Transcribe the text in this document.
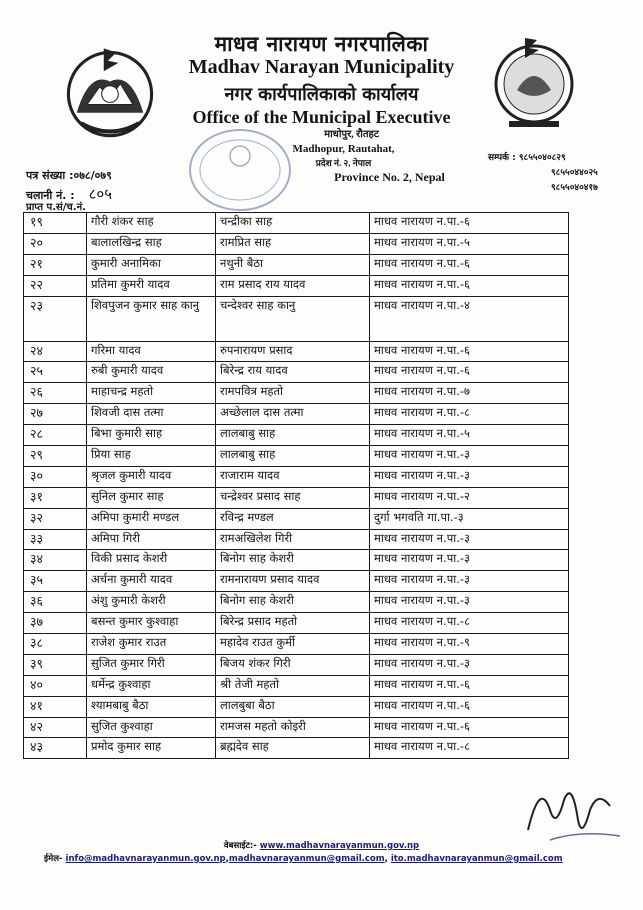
माधव नारायण नगरपालिका
Madhav Narayan Municipality
नगर कार्यपालिकाको कार्यालय
Office of the Municipal Executive
माधोपुर, रौतहट
Madhopur, Rautahat,
प्रदेश नं. २, नेपाल
Province No. 2, Nepal
पत्र संख्या :०७८/०७९
चलानी नं. : ८०५
प्राप्त प.सं/च.नं.
सम्पर्क : ९८५५०४०८२९
९८५५०४४०२५
९८५५०४०४१७
१९	गौरी शंकर साह	चन्द्रीका साह	माधव नारायण न.पा.-६
२०	बालालखिन्द्र साह	रामप्रित साह	माधव नारायण न.पा.-५
२१	कुमारी अनामिका	नथुनी बैठा	माधव नारायण न.पा.-६
२२	प्रतिमा कुमरी यादव	राम प्रसाद राय यादव	माधव नारायण न.पा.-६
२३	शिवपुजन कुमार साह कानु	चन्देश्वर साह कानु	माधव नारायण न.पा.-४
२४	गरिमा यादव	रुपनारायण प्रसाद	माधव नारायण न.पा.-६
२५	रुबी कुमारी यादव	बिरेन्द्र राय यादव	माधव नारायण न.पा.-६
२६	माहाचन्द्र महतो	रामपवित्र महतो	माधव नारायण न.पा.-७
२७	शिवजी दास तत्मा	अच्छेलाल दास तत्मा	माधव नारायण न.पा.-८
२८	बिभा कुमारी साह	लालबाबु साह	माधव नारायण न.पा.-५
२९	प्रिया साह	लालबाबु साह	माधव नारायण न.पा.-३
३०	श्रृजल कुमारी यादव	राजाराम यादव	माधव नारायण न.पा.-३
३१	सुनिल कुमार साह	चन्द्रेश्वर प्रसाद साह	माधव नारायण न.पा.-२
३२	अमिपा कुमारी मण्डल	रविन्द्र मण्डल	दुर्गा भगवति गा.पा.-३
३३	अमिपा गिरी	रामअखिलेश गिरी	माधव नारायण न.पा.-३
३४	विकी प्रसाद केशरी	बिनोग साह केशरी	माधव नारायण न.पा.-३
३५	अर्चना कुमारी यादव	रामनारायण प्रसाद यादव	माधव नारायण न.पा.-३
३६	अंशु कुमारी केशरी	बिनोग साह केशरी	माधव नारायण न.पा.-३
३७	बसन्त कुमार कुश्वाहा	बिरेन्द्र प्रसाद महतो	माधव नारायण न.पा.-८
३८	राजेश कुमार राउत	महादेव राउत कुर्मी	माधव नारायण न.पा.-९
३९	सुजित कुमार गिरी	बिजय शंकर गिरी	माधव नारायण न.पा.-३
४०	धर्मेन्द्र कुश्वाहा	श्री तेजी महतो	माधव नारायण न.पा.-६
४१	श्यामबाबु बैठा	लालबुबा बैठा	माधव नारायण न.पा.-६
४२	सुजित कुश्वाहा	रामजस महतो कोइरी	माधव नारायण न.पा.-६
४३	प्रमोद कुमार साह	ब्रह्मदेव साह	माधव नारायण न.पा.-८
वेबसाईट:- www.madhavnarayanmun.gov.np
ईमेल- info@madhavnarayanmun.gov.np,madhavnarayanmun@gmail.com, ito.madhavnarayanmun@gmail.com
